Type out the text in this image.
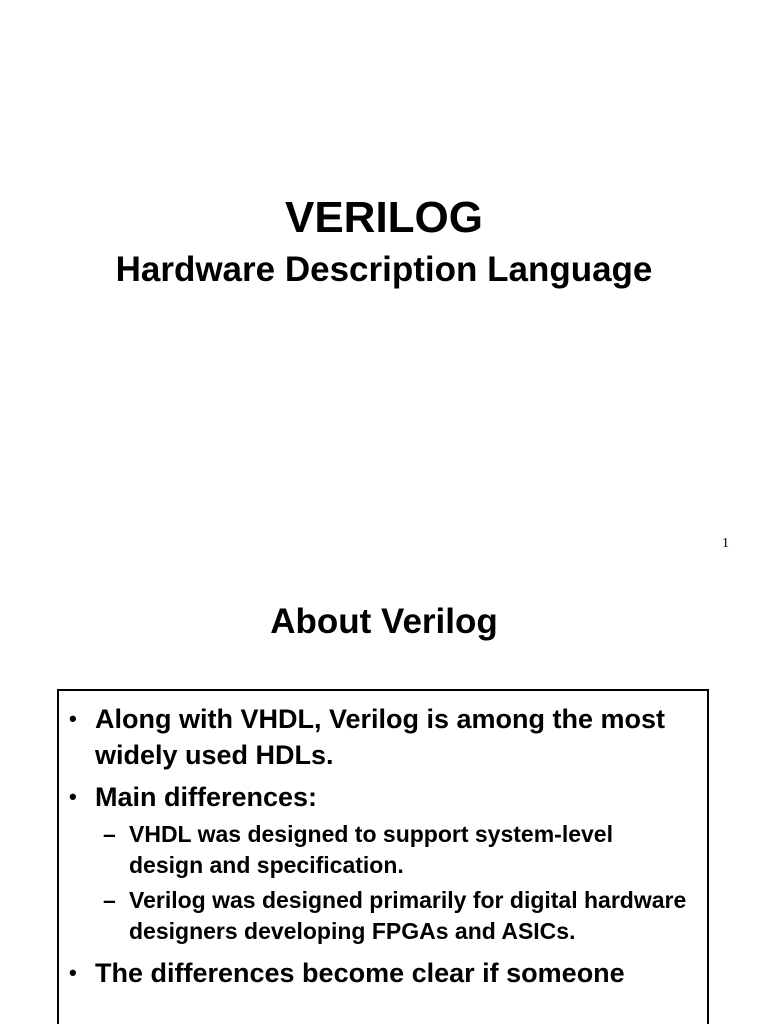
VERILOG
Hardware Description Language
1
About Verilog
• Along with VHDL, Verilog is among the most widely used HDLs.
• Main differences:
– VHDL was designed to support system-level design and specification.
– Verilog was designed primarily for digital hardware designers developing FPGAs and ASICs.
• The differences become clear if someone
